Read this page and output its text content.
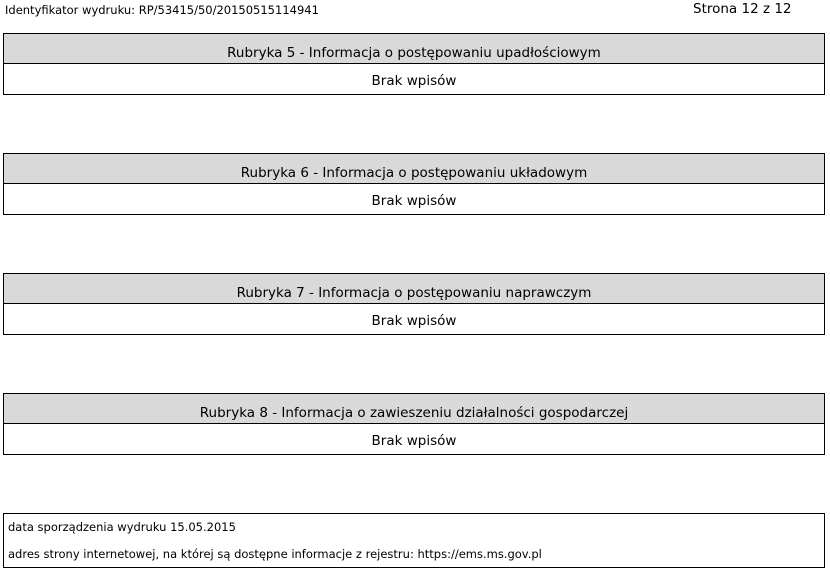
Identyfikator wydruku: RP/53415/50/20150515114941	Strona 12 z 12
Rubryka 5 - Informacja o postępowaniu upadłościowym
Brak wpisów
Rubryka 6 - Informacja o postępowaniu układowym
Brak wpisów
Rubryka 7 - Informacja o postępowaniu naprawczym
Brak wpisów
Rubryka 8 - Informacja o zawieszeniu działalności gospodarczej
Brak wpisów
data sporządzenia wydruku 15.05.2015
adres strony internetowej, na której są dostępne informacje z rejestru: https://ems.ms.gov.pl
